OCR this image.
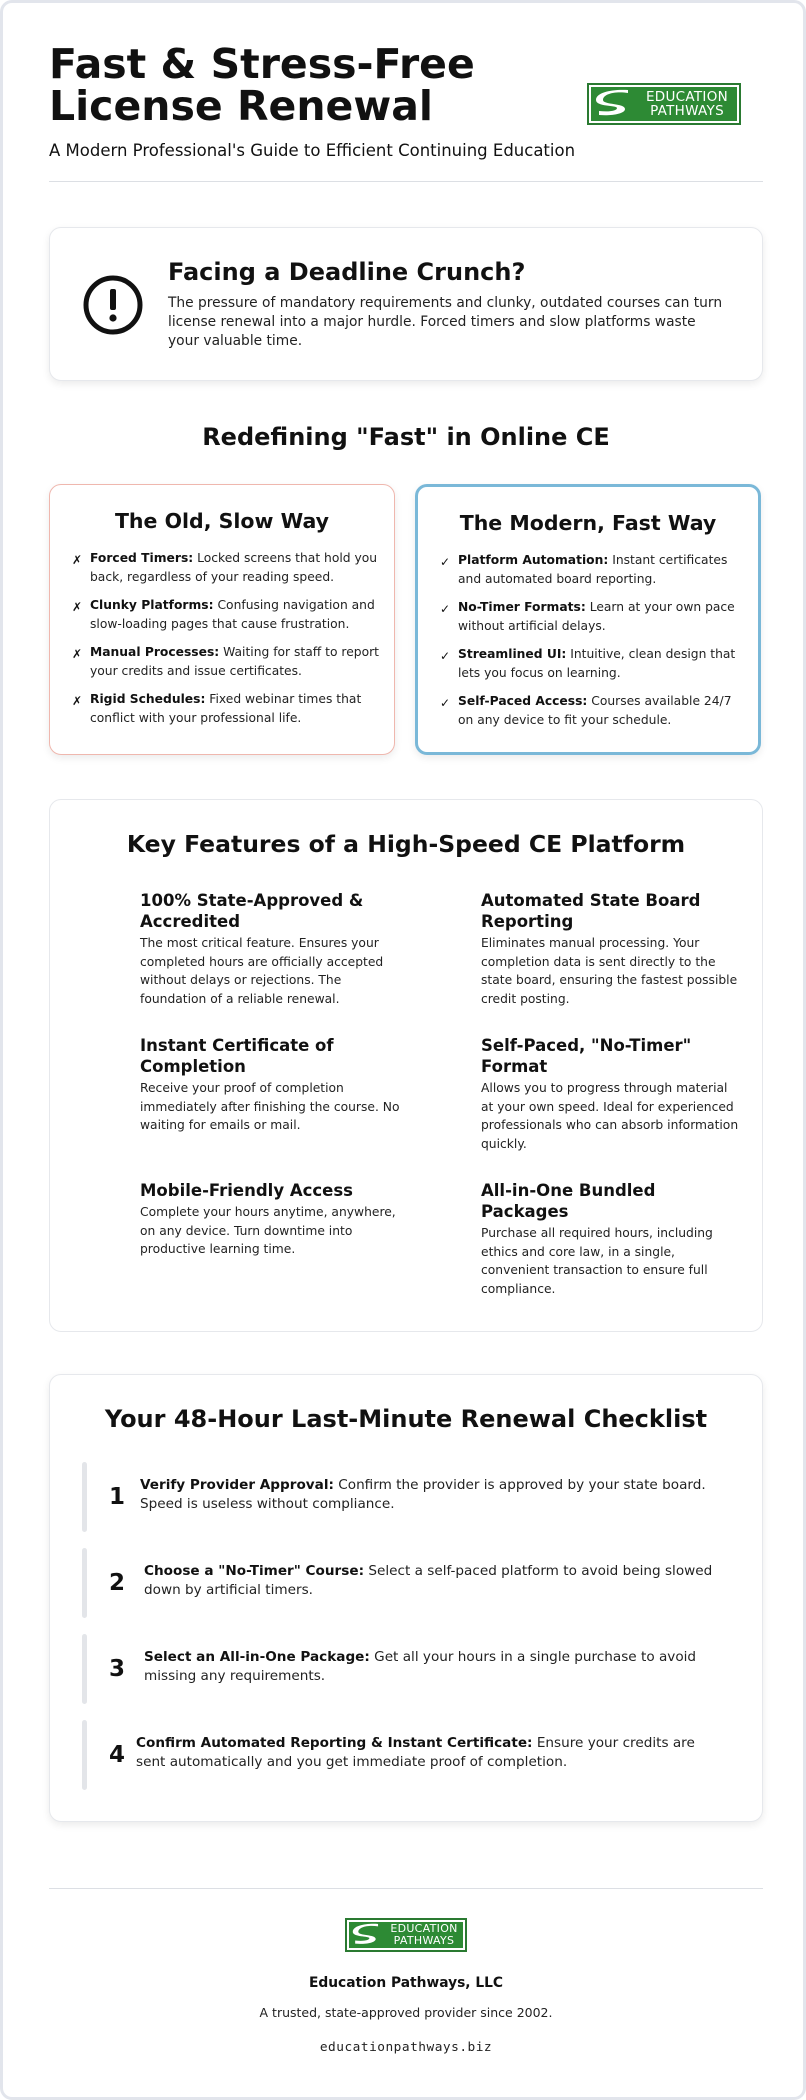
Fast & Stress-Free License Renewal
A Modern Professional's Guide to Efficient Continuing Education
EDUCATION
PATHWAYS
Facing a Deadline Crunch?

The pressure of mandatory requirements and clunky, outdated courses can turn license renewal into a major hurdle. Forced timers and slow platforms waste your valuable time.

Redefining "Fast" in Online CE
The Old, Slow Way
✗ Forced Timers: Locked screens that hold you back, regardless of your reading speed.
✗ Clunky Platforms: Confusing navigation and slow-loading pages that cause frustration.
✗ Manual Processes: Waiting for staff to report your credits and issue certificates.
✗ Rigid Schedules: Fixed webinar times that conflict with your professional life.
The Modern, Fast Way
✓ Platform Automation: Instant certificates and automated board reporting.
✓ No-Timer Formats: Learn at your own pace without artificial delays.
✓ Streamlined UI: Intuitive, clean design that lets you focus on learning.
✓ Self-Paced Access: Courses available 24/7 on any device to fit your schedule.
Key Features of a High-Speed CE Platform
100% State-Approved & Accredited

The most critical feature. Ensures your completed hours are officially accepted without delays or rejections. The foundation of a reliable renewal.

Automated State Board Reporting

Eliminates manual processing. Your completion data is sent directly to the state board, ensuring the fastest possible credit posting.

Instant Certificate of Completion

Receive your proof of completion immediately after finishing the course. No waiting for emails or mail.

Self-Paced, "No-Timer" Format

Allows you to progress through material at your own speed. Ideal for experienced professionals who can absorb information quickly.

Mobile-Friendly Access

Complete your hours anytime, anywhere, on any device. Turn downtime into productive learning time.

All-in-One Bundled Packages

Purchase all required hours, including ethics and core law, in a single, convenient transaction to ensure full compliance.

Your 48-Hour Last-Minute Renewal Checklist
1	Verify Provider Approval: Confirm the provider is approved by your state board. Speed is useless without compliance.
2	Choose a "No-Timer" Course: Select a self-paced platform to avoid being slowed down by artificial timers.
3	Select an All-in-One Package: Get all your hours in a single purchase to avoid missing any requirements.
4 Confirm Automated Reporting & Instant Certificate: Ensure your credits are sent automatically and you get immediate proof of completion.
EDUCATION
PATHWAYS
Education Pathways, LLC
A trusted, state-approved provider since 2002.
educationpathways.biz
